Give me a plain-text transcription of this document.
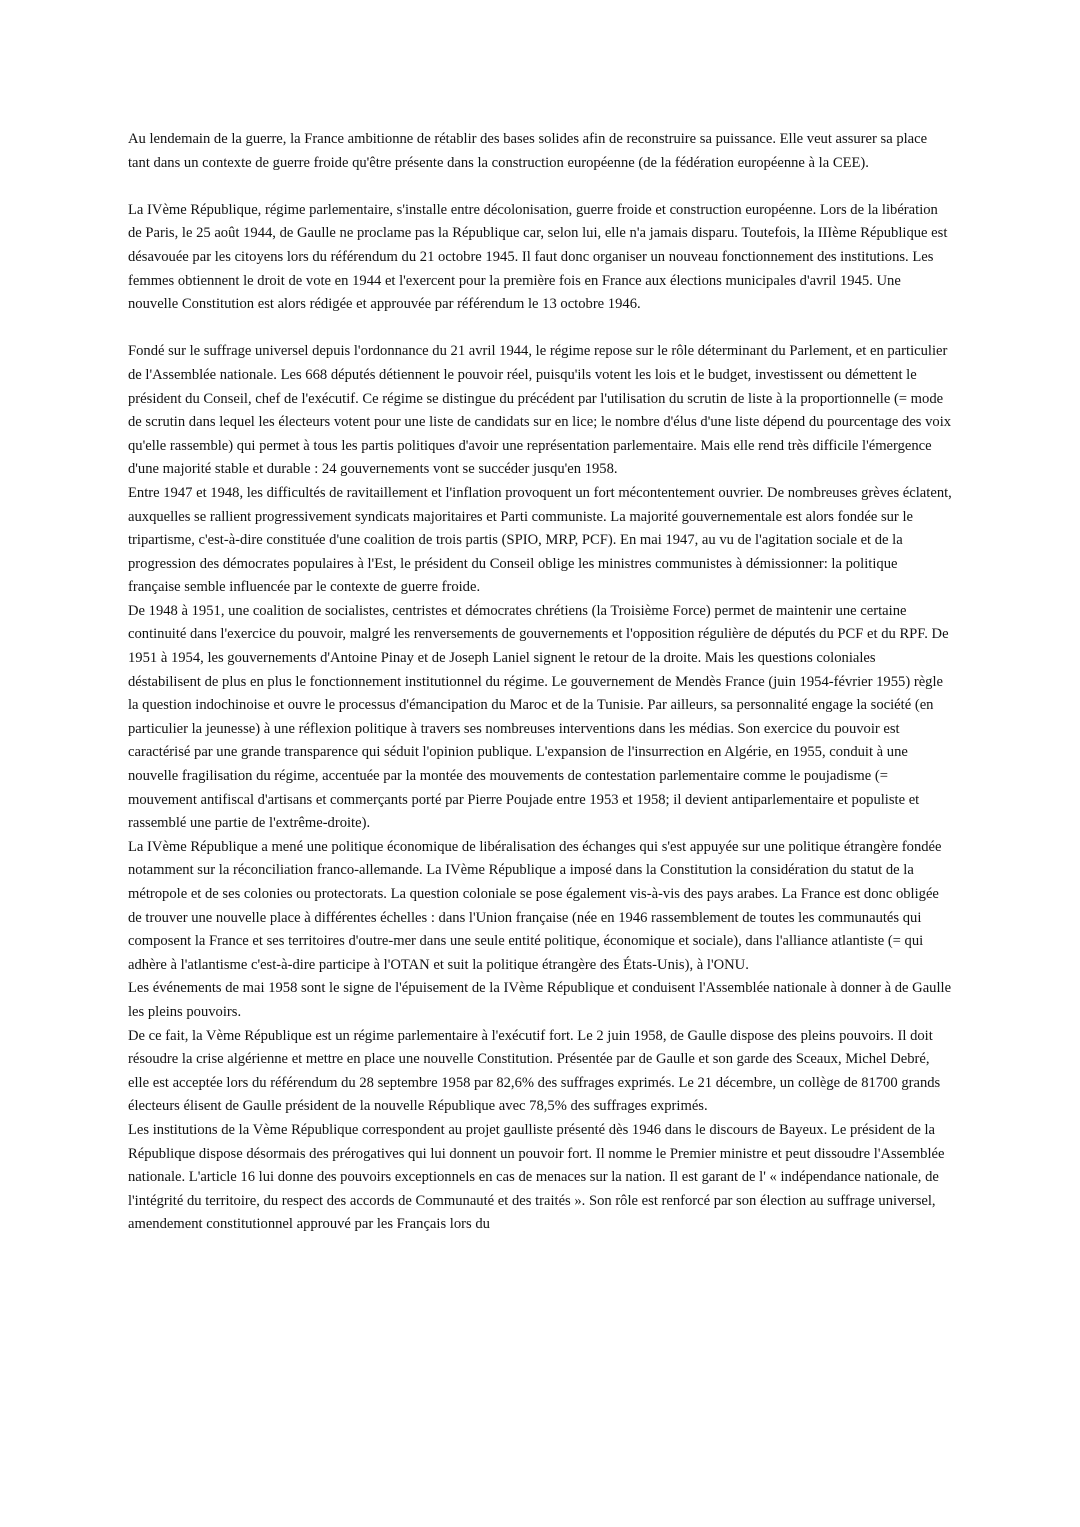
Au lendemain de la guerre, la France ambitionne de rétablir des bases solides afin de reconstruire sa puissance. Elle veut assurer sa place tant dans un contexte de guerre froide qu'être présente dans la construction européenne (de la fédération européenne à la CEE).

La IVème République, régime parlementaire, s'installe entre décolonisation, guerre froide et construction européenne. Lors de la libération de Paris, le 25 août 1944, de Gaulle ne proclame pas la République car, selon lui, elle n'a jamais disparu. Toutefois, la IIIème République est désavouée par les citoyens lors du référendum du 21 octobre 1945. Il faut donc organiser un nouveau fonctionnement des institutions. Les femmes obtiennent le droit de vote en 1944 et l'exercent pour la première fois en France aux élections municipales d'avril 1945. Une nouvelle Constitution est alors rédigée et approuvée par référendum le 13 octobre 1946.

Fondé sur le suffrage universel depuis l'ordonnance du 21 avril 1944, le régime repose sur le rôle déterminant du Parlement, et en particulier de l'Assemblée nationale. Les 668 députés détiennent le pouvoir réel, puisqu'ils votent les lois et le budget, investissent ou démettent le président du Conseil, chef de l'exécutif. Ce régime se distingue du précédent par l'utilisation du scrutin de liste à la proportionnelle (= mode de scrutin dans lequel les électeurs votent pour une liste de candidats sur en lice; le nombre d'élus d'une liste dépend du pourcentage des voix qu'elle rassemble) qui permet à tous les partis politiques d'avoir une représentation parlementaire. Mais elle rend très difficile l'émergence d'une majorité stable et durable : 24 gouvernements vont se succéder jusqu'en 1958.

Entre 1947 et 1948, les difficultés de ravitaillement et l'inflation provoquent un fort mécontentement ouvrier. De nombreuses grèves éclatent, auxquelles se rallient progressivement syndicats majoritaires et Parti communiste. La majorité gouvernementale est alors fondée sur le tripartisme, c'est-à-dire constituée d'une coalition de trois partis (SPIO, MRP, PCF). En mai 1947, au vu de l'agitation sociale et de la progression des démocrates populaires à l'Est, le président du Conseil oblige les ministres communistes à démissionner: la politique française semble influencée par le contexte de guerre froide.

De 1948 à 1951, une coalition de socialistes, centristes et démocrates chrétiens (la Troisième Force) permet de maintenir une certaine continuité dans l'exercice du pouvoir, malgré les renversements de gouvernements et l'opposition régulière de députés du PCF et du RPF. De 1951 à 1954, les gouvernements d'Antoine Pinay et de Joseph Laniel signent le retour de la droite. Mais les questions coloniales déstabilisent de plus en plus le fonctionnement institutionnel du régime. Le gouvernement de Mendès France (juin 1954-février 1955) règle la question indochinoise et ouvre le processus d'émancipation du Maroc et de la Tunisie. Par ailleurs, sa personnalité engage la société (en particulier la jeunesse) à une réflexion politique à travers ses nombreuses interventions dans les médias. Son exercice du pouvoir est caractérisé par une grande transparence qui séduit l'opinion publique. L'expansion de l'insurrection en Algérie, en 1955, conduit à une nouvelle fragilisation du régime, accentuée par la montée des mouvements de contestation parlementaire comme le poujadisme (= mouvement antifiscal d'artisans et commerçants porté par Pierre Poujade entre 1953 et 1958; il devient antiparlementaire et populiste et rassemblé une partie de l'extrême-droite).

La IVème République a mené une politique économique de libéralisation des échanges qui s'est appuyée sur une politique étrangère fondée notamment sur la réconciliation franco-allemande. La IVème République a imposé dans la Constitution la considération du statut de la métropole et de ses colonies ou protectorats. La question coloniale se pose également vis-à-vis des pays arabes. La France est donc obligée de trouver une nouvelle place à différentes échelles : dans l'Union française (née en 1946 rassemblement de toutes les communautés qui composent la France et ses territoires d'outre-mer dans une seule entité politique, économique et sociale), dans l'alliance atlantiste (= qui adhère à l'atlantisme c'est-à-dire participe à l'OTAN et suit la politique étrangère des États-Unis), à l'ONU.

Les événements de mai 1958 sont le signe de l'épuisement de la IVème République et conduisent l'Assemblée nationale à donner à de Gaulle les pleins pouvoirs.

De ce fait, la Vème République est un régime parlementaire à l'exécutif fort. Le 2 juin 1958, de Gaulle dispose des pleins pouvoirs. Il doit résoudre la crise algérienne et mettre en place une nouvelle Constitution. Présentée par de Gaulle et son garde des Sceaux, Michel Debré, elle est acceptée lors du référendum du 28 septembre 1958 par 82,6% des suffrages exprimés. Le 21 décembre, un collège de 81700 grands électeurs élisent de Gaulle président de la nouvelle République avec 78,5% des suffrages exprimés.

Les institutions de la Vème République correspondent au projet gaulliste présenté dès 1946 dans le discours de Bayeux. Le président de la République dispose désormais des prérogatives qui lui donnent un pouvoir fort. Il nomme le Premier ministre et peut dissoudre l'Assemblée nationale. L'article 16 lui donne des pouvoirs exceptionnels en cas de menaces sur la nation. Il est garant de l' « indépendance nationale, de l'intégrité du territoire, du respect des accords de Communauté et des traités ». Son rôle est renforcé par son élection au suffrage universel, amendement constitutionnel approuvé par les Français lors du
